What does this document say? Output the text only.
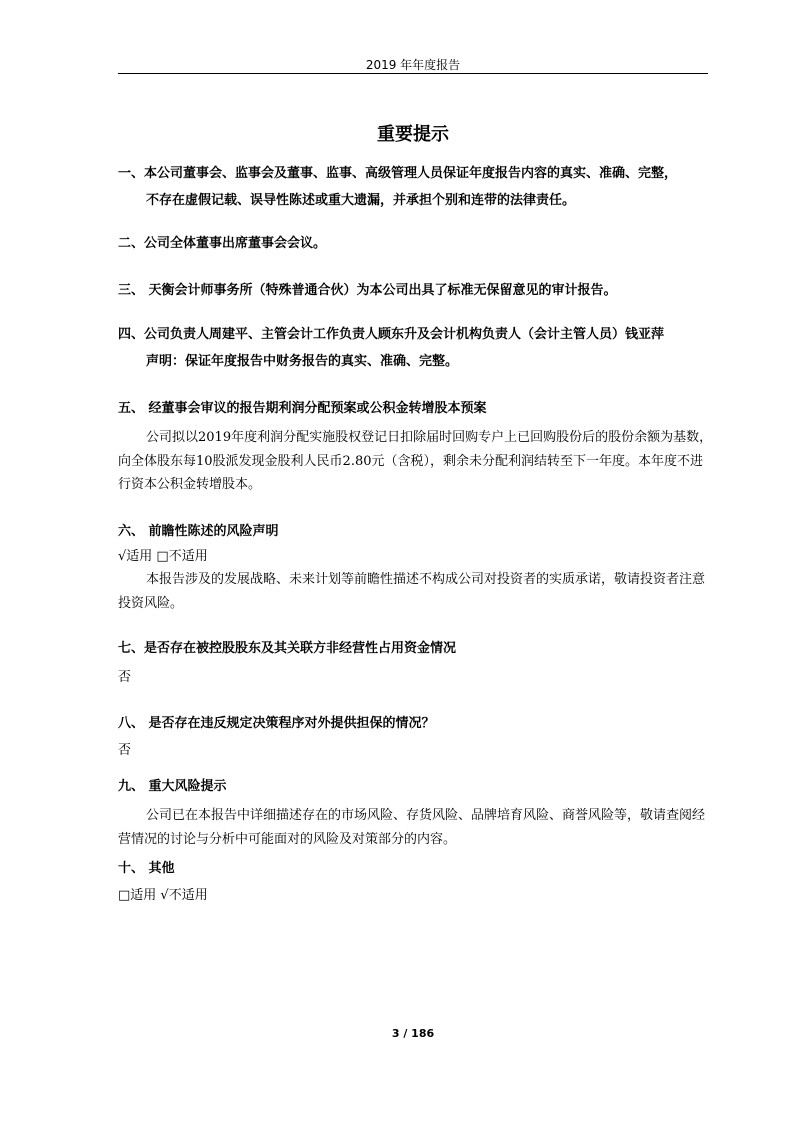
2019 年年度报告
重要提示

一、本公司董事会、监事会及董事、监事、高级管理人员保证年度报告内容的真实、准确、完整，

不存在虚假记载、误导性陈述或重大遗漏，并承担个别和连带的法律责任。

二、公司全体董事出席董事会会议。

三、 天衡会计师事务所（特殊普通合伙）为本公司出具了标准无保留意见的审计报告。

四、公司负责人周建平、主管会计工作负责人顾东升及会计机构负责人（会计主管人员）钱亚萍

声明：保证年度报告中财务报告的真实、准确、完整。

五、 经董事会审议的报告期利润分配预案或公积金转增股本预案

公司拟以2019年度利润分配实施股权登记日扣除届时回购专户上已回购股份后的股份余额为基数，向全体股东每10股派发现金股利人民币2.80元（含税），剩余未分配利润结转至下一年度。本年度不进行资本公积金转增股本。

六、 前瞻性陈述的风险声明

√适用 □不适用

本报告涉及的发展战略、未来计划等前瞻性描述不构成公司对投资者的实质承诺，敬请投资者注意投资风险。

七、是否存在被控股股东及其关联方非经营性占用资金情况

否

八、 是否存在违反规定决策程序对外提供担保的情况？

否

九、 重大风险提示

公司已在本报告中详细描述存在的市场风险、存货风险、品牌培育风险、商誉风险等，敬请查阅经营情况的讨论与分析中可能面对的风险及对策部分的内容。

十、 其他

□适用 √不适用

3 / 186
